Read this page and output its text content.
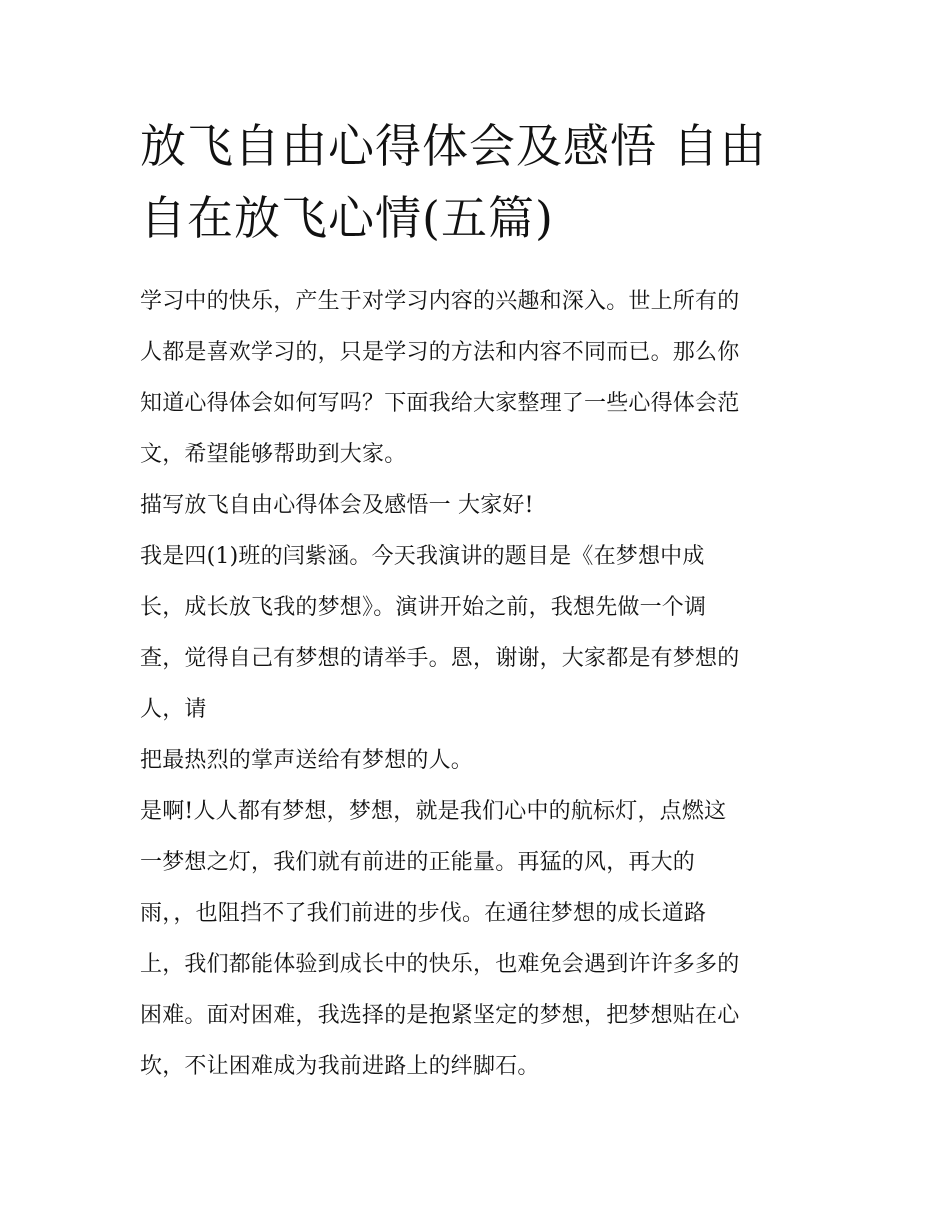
放飞自由心得体会及感悟 自由
自在放飞心情(五篇)
学习中的快乐，产生于对学习内容的兴趣和深入。世上所有的
人都是喜欢学习的，只是学习的方法和内容不同而已。那么你
知道心得体会如何写吗？下面我给大家整理了一些心得体会范
文，希望能够帮助到大家。
描写放飞自由心得体会及感悟一 大家好!
我是四(1)班的闫紫涵。今天我演讲的题目是《在梦想中成
长，成长放飞我的梦想》。演讲开始之前，我想先做一个调
查，觉得自己有梦想的请举手。恩，谢谢，大家都是有梦想的
人，请
把最热烈的掌声送给有梦想的人。
是啊!人人都有梦想，梦想，就是我们心中的航标灯，点燃这
一梦想之灯，我们就有前进的正能量。再猛的风，再大的
雨，，也阻挡不了我们前进的步伐。在通往梦想的成长道路
上，我们都能体验到成长中的快乐，也难免会遇到许许多多的
困难。面对困难，我选择的是抱紧坚定的梦想，把梦想贴在心
坎，不让困难成为我前进路上的绊脚石。
